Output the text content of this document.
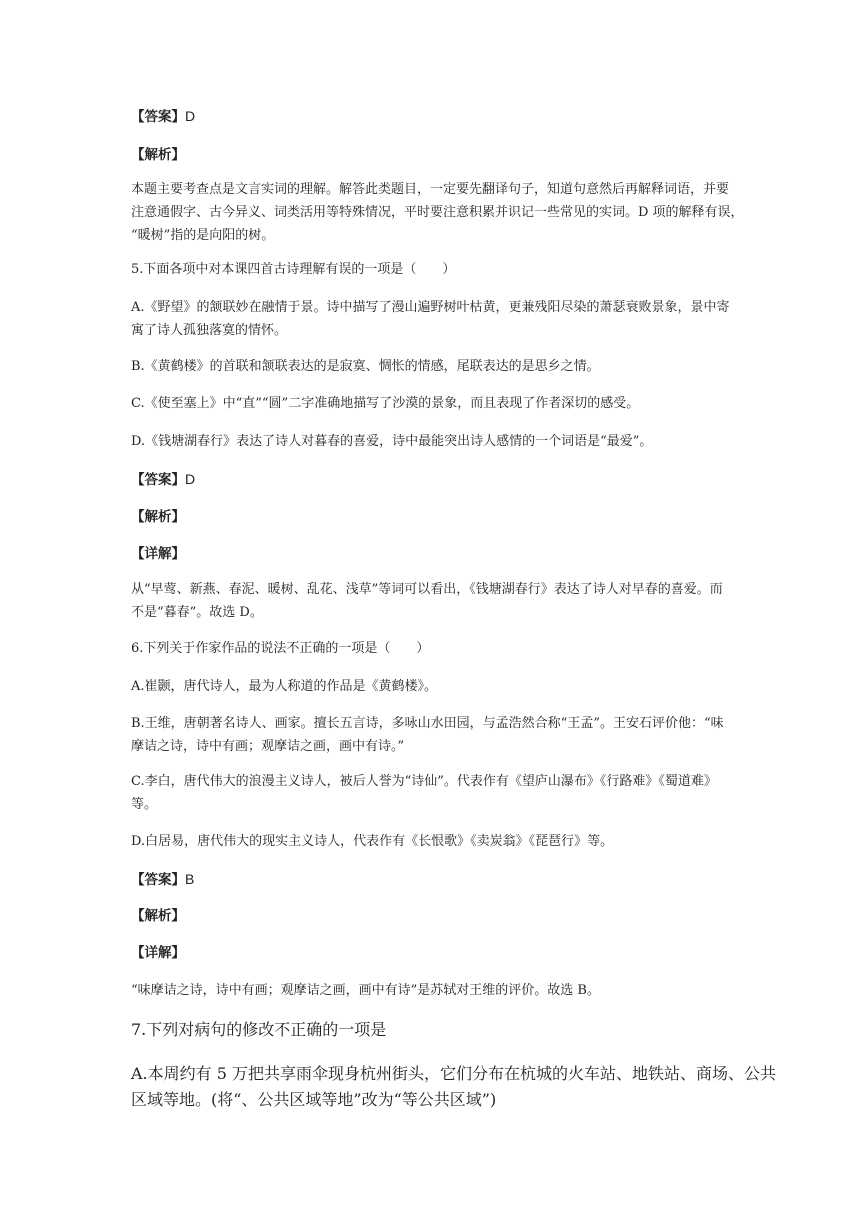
【答案】D
【解析】
本题主要考查点是文言实词的理解。解答此类题目，一定要先翻译句子，知道句意然后再解释词语，并要
注意通假字、古今异义、词类活用等特殊情况，平时要注意积累并识记一些常见的实词。D 项的解释有误，
“暖树”指的是向阳的树。
5.下面各项中对本课四首古诗理解有误的一项是（　　）
A.《野望》的颔联妙在融情于景。诗中描写了漫山遍野树叶枯黄，更兼残阳尽染的萧瑟衰败景象，景中寄
寓了诗人孤独落寞的情怀。
B.《黄鹤楼》的首联和颔联表达的是寂寞、惆怅的情感，尾联表达的是思乡之情。
C.《使至塞上》中“直”“圆”二字准确地描写了沙漠的景象，而且表现了作者深切的感受。
D.《钱塘湖春行》表达了诗人对暮春的喜爱，诗中最能突出诗人感情的一个词语是“最爱”。
【答案】D
【解析】
【详解】
从“早莺、新燕、春泥、暖树、乱花、浅草”等词可以看出，《钱塘湖春行》表达了诗人对早春的喜爱。而
不是“暮春”。故选 D。
6.下列关于作家作品的说法不正确的一项是（　　）
A.崔颢，唐代诗人，最为人称道的作品是《黄鹤楼》。
B.王维，唐朝著名诗人、画家。擅长五言诗，多咏山水田园，与孟浩然合称“王孟”。王安石评价他：“味
摩诘之诗，诗中有画；观摩诘之画，画中有诗。”
C.李白，唐代伟大的浪漫主义诗人，被后人誉为“诗仙”。代表作有《望庐山瀑布》《行路难》《蜀道难》
等。
D.白居易，唐代伟大的现实主义诗人，代表作有《长恨歌》《卖炭翁》《琵琶行》等。
【答案】B
【解析】
【详解】
“味摩诘之诗，诗中有画；观摩诘之画，画中有诗”是苏轼对王维的评价。故选 B。
7.下列对病句的修改不正确的一项是
A.本周约有 5 万把共享雨伞现身杭州街头，它们分布在杭城的火车站、地铁站、商场、公共
区域等地。(将“、公共区域等地”改为“等公共区域”)
